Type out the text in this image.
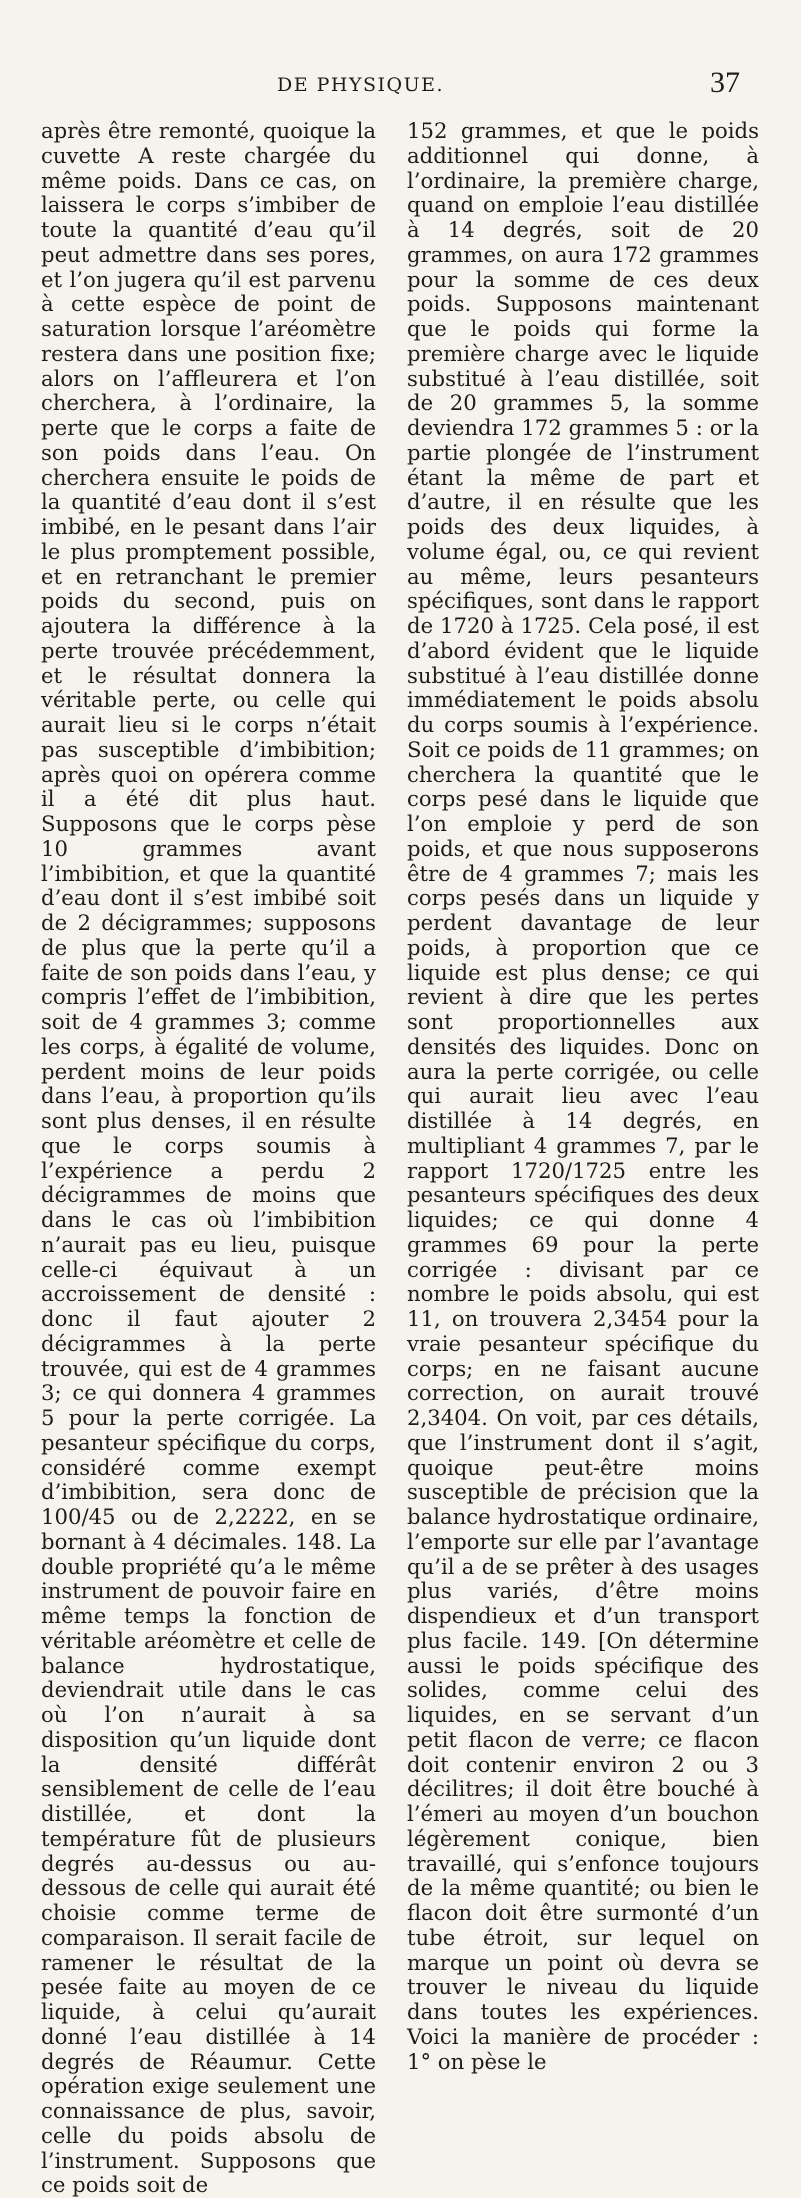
DE PHYSIQUE.	37

après être remonté, quoique la cuvette A reste chargée du même poids. Dans ce cas, on laissera le corps s’imbiber de toute la quantité d’eau qu’il peut admettre dans ses pores, et l’on jugera qu’il est parvenu à cette espèce de point de saturation lorsque l’aréomètre restera dans une position fixe; alors on l’affleurera et l’on cherchera, à l’ordinaire, la perte que le corps a faite de son poids dans l’eau. On cherchera ensuite le poids de la quantité d’eau dont il s’est imbibé, en le pesant dans l’air le plus promptement possible, et en retranchant le premier poids du second, puis on ajoutera la différence à la perte trouvée précédemment, et le résultat donnera la véritable perte, ou celle qui aurait lieu si le corps n’était pas susceptible d’imbibition; après quoi on opérera comme il a été dit plus haut. Supposons que le corps pèse 10 grammes avant l’imbibition, et que la quantité d’eau dont il s’est imbibé soit de 2 décigrammes; supposons de plus que la perte qu’il a faite de son poids dans l’eau, y compris l’effet de l’imbibition, soit de 4 grammes 3; comme les corps, à égalité de volume, perdent moins de leur poids dans l’eau, à proportion qu’ils sont plus denses, il en résulte que le corps soumis à l’expérience a perdu 2 décigrammes de moins que dans le cas où l’imbibition n’aurait pas eu lieu, puisque celle-ci équivaut à un accroissement de densité : donc il faut ajouter 2 décigrammes à la perte trouvée, qui est de 4 grammes 3; ce qui donnera 4 grammes 5 pour la perte corrigée. La pesanteur spécifique du corps, considéré comme exempt d’imbibition, sera donc de 100/45 ou de 2,2222, en se bornant à 4 décimales. 148. La double propriété qu’a le même instrument de pouvoir faire en même temps la fonction de véritable aréomètre et celle de balance hydrostatique, deviendrait utile dans le cas où l’on n’aurait à sa disposition qu’un liquide dont la densité différât sensiblement de celle de l’eau distillée, et dont la température fût de plusieurs degrés au-dessus ou au-dessous de celle qui aurait été choisie comme terme de comparaison. Il serait facile de ramener le résultat de la pesée faite au moyen de ce liquide, à celui qu’aurait donné l’eau distillée à 14 degrés de Réaumur. Cette opération exige seulement une connaissance de plus, savoir, celle du poids absolu de l’instrument. Supposons que ce poids soit de

152 grammes, et que le poids additionnel qui donne, à l’ordinaire, la première charge, quand on emploie l’eau distillée à 14 degrés, soit de 20 grammes, on aura 172 grammes pour la somme de ces deux poids. Supposons maintenant que le poids qui forme la première charge avec le liquide substitué à l’eau distillée, soit de 20 grammes 5, la somme deviendra 172 grammes 5 : or la partie plongée de l’instrument étant la même de part et d’autre, il en résulte que les poids des deux liquides, à volume égal, ou, ce qui revient au même, leurs pesanteurs spécifiques, sont dans le rapport de 1720 à 1725. Cela posé, il est d’abord évident que le liquide substitué à l’eau distillée donne immédiatement le poids absolu du corps soumis à l’expérience. Soit ce poids de 11 grammes; on cherchera la quantité que le corps pesé dans le liquide que l’on emploie y perd de son poids, et que nous supposerons être de 4 grammes 7; mais les corps pesés dans un liquide y perdent davantage de leur poids, à proportion que ce liquide est plus dense; ce qui revient à dire que les pertes sont proportionnelles aux densités des liquides. Donc on aura la perte corrigée, ou celle qui aurait lieu avec l’eau distillée à 14 degrés, en multipliant 4 grammes 7, par le rapport 1720/1725 entre les pesanteurs spécifiques des deux liquides; ce qui donne 4 grammes 69 pour la perte corrigée : divisant par ce nombre le poids absolu, qui est 11, on trouvera 2,3454 pour la vraie pesanteur spécifique du corps; en ne faisant aucune correction, on aurait trouvé 2,3404. On voit, par ces détails, que l’instrument dont il s’agit, quoique peut-être moins susceptible de précision que la balance hydrostatique ordinaire, l’emporte sur elle par l’avantage qu’il a de se prêter à des usages plus variés, d’être moins dispendieux et d’un transport plus facile. 149. [On détermine aussi le poids spécifique des solides, comme celui des liquides, en se servant d’un petit flacon de verre; ce flacon doit contenir environ 2 ou 3 décilitres; il doit être bouché à l’émeri au moyen d’un bouchon légèrement conique, bien travaillé, qui s’enfonce toujours de la même quantité; ou bien le flacon doit être surmonté d’un tube étroit, sur lequel on marque un point où devra se trouver le niveau du liquide dans toutes les expériences. Voici la manière de procéder : 1° on pèse le
